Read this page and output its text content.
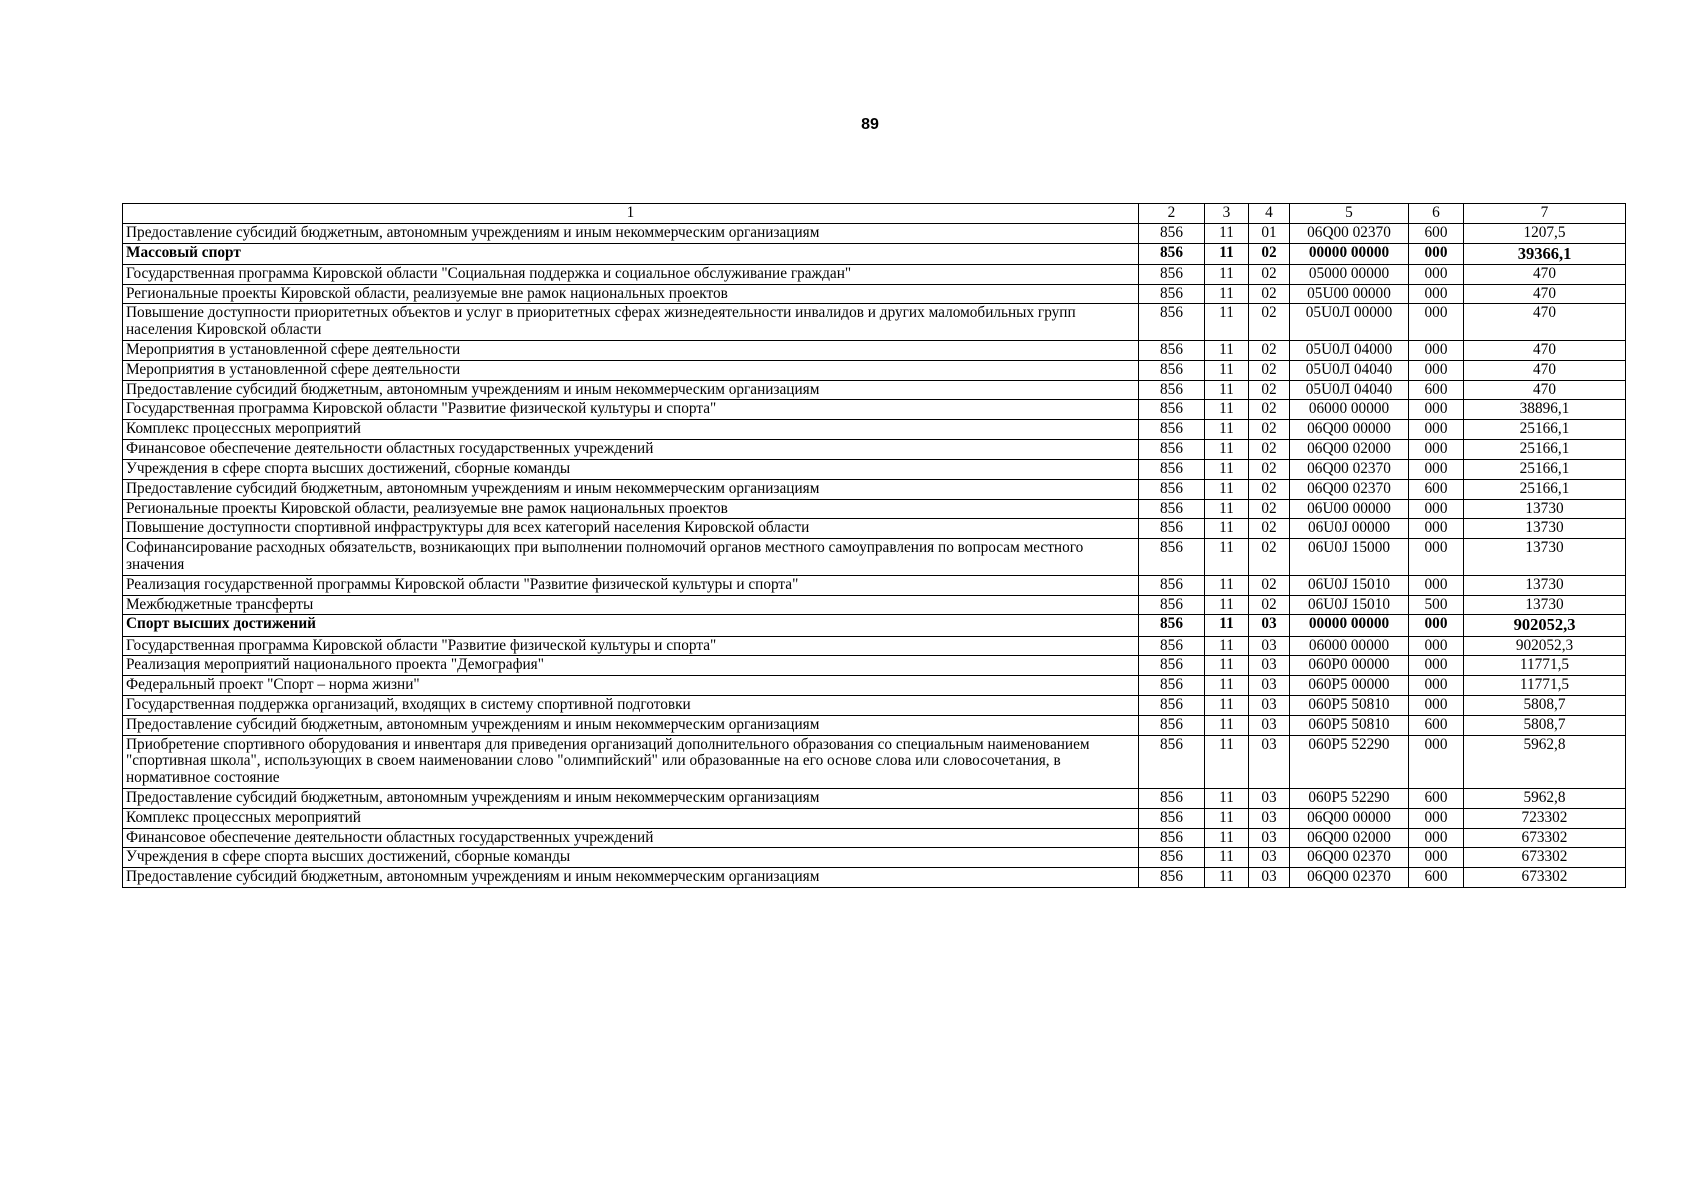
89
1	2	3	4	5	6	7
Предоставление субсидий бюджетным, автономным учреждениям и иным некоммерческим организациям	856	11	01	06Q00 02370	600	1207,5
Массовый спорт	856	11	02	00000 00000	000	39366,1
Государственная программа Кировской области "Социальная поддержка и социальное обслуживание граждан"	856	11	02	05000 00000	000	470
Региональные проекты Кировской области, реализуемые вне рамок национальных проектов	856	11	02	05U00 00000	000	470
Повышение доступности приоритетных объектов и услуг в приоритетных сферах жизнедеятельности инвалидов и других маломобильных групп населения Кировской области	856	11	02	05U0Л 00000	000	470
Мероприятия в установленной сфере деятельности	856	11	02	05U0Л 04000	000	470
Мероприятия в установленной сфере деятельности	856	11	02	05U0Л 04040	000	470
Предоставление субсидий бюджетным, автономным учреждениям и иным некоммерческим организациям	856	11	02	05U0Л 04040	600	470
Государственная программа Кировской области "Развитие физической культуры и спорта"	856	11	02	06000 00000	000	38896,1
Комплекс процессных мероприятий	856	11	02	06Q00 00000	000	25166,1
Финансовое обеспечение деятельности областных государственных учреждений	856	11	02	06Q00 02000	000	25166,1
Учреждения в сфере спорта высших достижений, сборные команды	856	11	02	06Q00 02370	000	25166,1
Предоставление субсидий бюджетным, автономным учреждениям и иным некоммерческим организациям	856	11	02	06Q00 02370	600	25166,1
Региональные проекты Кировской области, реализуемые вне рамок национальных проектов	856	11	02	06U00 00000	000	13730
Повышение доступности спортивной инфраструктуры для всех категорий населения Кировской области	856	11	02	06U0J 00000	000	13730
Софинансирование расходных обязательств, возникающих при выполнении полномочий органов местного самоуправления по вопросам местного значения	856	11	02	06U0J 15000	000	13730
Реализация государственной программы Кировской области "Развитие физической культуры и спорта"	856	11	02	06U0J 15010	000	13730
Межбюджетные трансферты	856	11	02	06U0J 15010	500	13730
Спорт высших достижений	856	11	03	00000 00000	000	902052,3
Государственная программа Кировской области "Развитие физической культуры и спорта"	856	11	03	06000 00000	000	902052,3
Реализация мероприятий национального проекта "Демография"	856	11	03	060P0 00000	000	11771,5
Федеральный проект "Спорт – норма жизни"	856	11	03	060P5 00000	000	11771,5
Государственная поддержка организаций, входящих в систему спортивной подготовки	856	11	03	060P5 50810	000	5808,7
Предоставление субсидий бюджетным, автономным учреждениям и иным некоммерческим организациям	856	11	03	060P5 50810	600	5808,7
Приобретение спортивного оборудования и инвентаря для приведения организаций дополнительного образования со специальным наименованием "спортивная школа", использующих в своем наименовании слово "олимпийский" или образованные на его основе слова или словосочетания, в нормативное состояние	856	11	03	060P5 52290	000	5962,8
Предоставление субсидий бюджетным, автономным учреждениям и иным некоммерческим организациям	856	11	03	060P5 52290	600	5962,8
Комплекс процессных мероприятий	856	11	03	06Q00 00000	000	723302
Финансовое обеспечение деятельности областных государственных учреждений	856	11	03	06Q00 02000	000	673302
Учреждения в сфере спорта высших достижений, сборные команды	856	11	03	06Q00 02370	000	673302
Предоставление субсидий бюджетным, автономным учреждениям и иным некоммерческим организациям	856	11	03	06Q00 02370	600	673302
